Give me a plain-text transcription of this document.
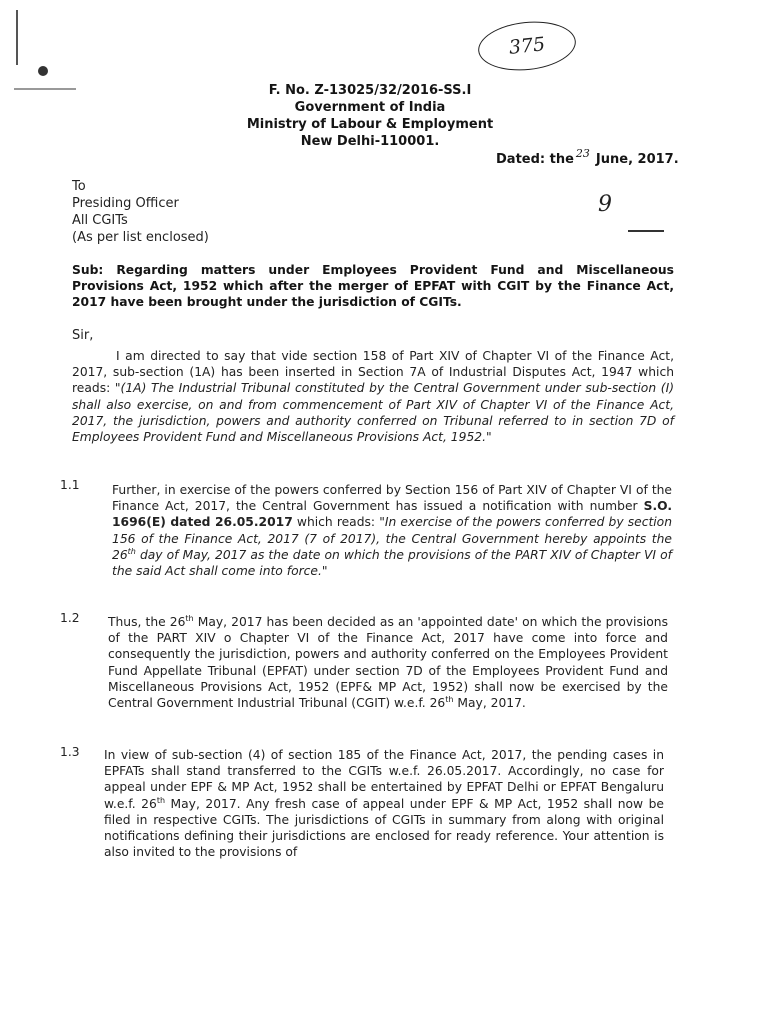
375
F. No. Z-13025/32/2016-SS.I
Government of India
Ministry of Labour & Employment
New Delhi-110001.
Dated: the $^{23}$ June, 2017.
To
Presiding Officer
All CGITs
(As per list enclosed)
9
Sub: Regarding matters under Employees Provident Fund and Miscellaneous Provisions Act, 1952 which after the merger of EPFAT with CGIT by the Finance Act, 2017 have been brought under the jurisdiction of CGITs.
Sir,
I am directed to say that vide section 158 of Part XIV of Chapter VI of the Finance Act, 2017, sub-section (1A) has been inserted in Section 7A of Industrial Disputes Act, 1947 which reads: "(1A) The Industrial Tribunal constituted by the Central Government under sub-section (I) shall also exercise, on and from commencement of Part XIV of Chapter VI of the Finance Act, 2017, the jurisdiction, powers and authority conferred on Tribunal referred to in section 7D of Employees Provident Fund and Miscellaneous Provisions Act, 1952."
1.1	Further, in exercise of the powers conferred by Section 156 of Part XIV of Chapter VI of the Finance Act, 2017, the Central Government has issued a notification with number S.O. 1696(E) dated 26.05.2017 which reads: "In exercise of the powers conferred by section 156 of the Finance Act, 2017 (7 of 2017), the Central Government hereby appoints the 26th day of May, 2017 as the date on which the provisions of the PART XIV of Chapter VI of the said Act shall come into force."
1.2 Thus, the 26th May, 2017 has been decided as an 'appointed date' on which the provisions of the PART XIV o Chapter VI of the Finance Act, 2017 have come into force and consequently the jurisdiction, powers and authority conferred on the Employees Provident Fund Appellate Tribunal (EPFAT) under section 7D of the Employees Provident Fund and Miscellaneous Provisions Act, 1952 (EPF& MP Act, 1952) shall now be exercised by the Central Government Industrial Tribunal (CGIT) w.e.f. 26th May, 2017.
1.3 In view of sub-section (4) of section 185 of the Finance Act, 2017, the pending cases in EPFATs shall stand transferred to the CGITs w.e.f. 26.05.2017. Accordingly, no case for appeal under EPF & MP Act, 1952 shall be entertained by EPFAT Delhi or EPFAT Bengaluru w.e.f. 26th May, 2017. Any fresh case of appeal under EPF & MP Act, 1952 shall now be filed in respective CGITs. The jurisdictions of CGITs in summary from along with original notifications defining their jurisdictions are enclosed for ready reference. Your attention is also invited to the provisions of
